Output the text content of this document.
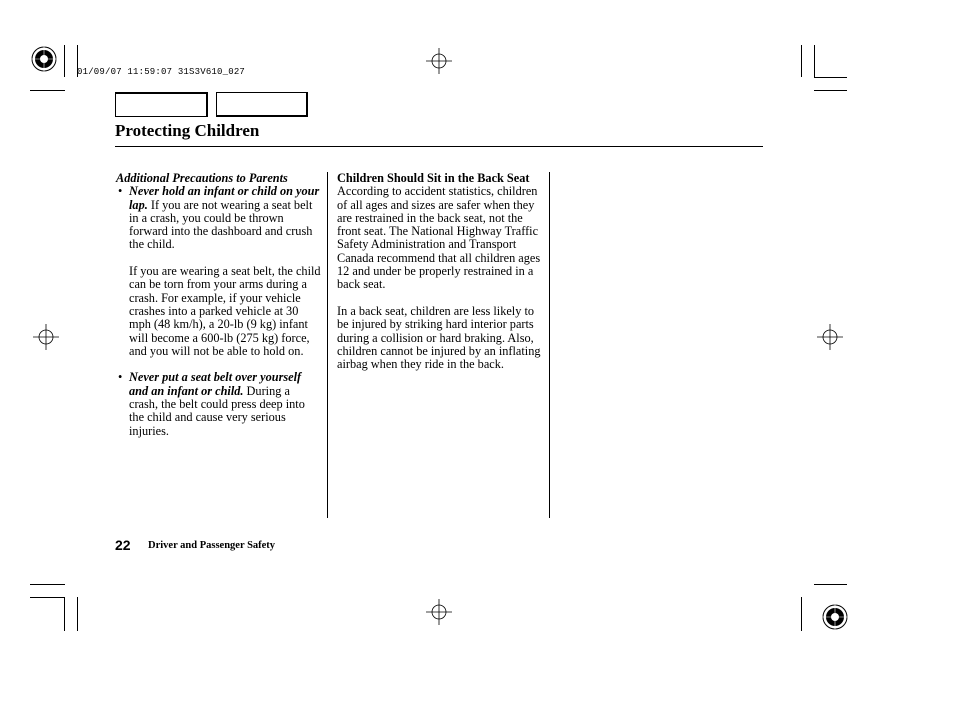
01/09/07 11:59:07 31S3V610_027
Protecting Children

Additional Precautions to Parents

• Never hold an infant or child on your lap. If you are not wearing a seat belt in a crash, you could be thrown forward into the dashboard and crush the child.

If you are wearing a seat belt, the child can be torn from your arms during a crash. For example, if your vehicle crashes into a parked vehicle at 30 mph (48 km/h), a 20-lb (9 kg) infant will become a 600-lb (275 kg) force, and you will not be able to hold on.

• Never put a seat belt over yourself and an infant or child. During a crash, the belt could press deep into the child and cause very serious injuries.

Children Should Sit in the Back Seat

According to accident statistics, children of all ages and sizes are safer when they are restrained in the back seat, not the front seat. The National Highway Traffic Safety Administration and Transport Canada recommend that all children ages 12 and under be properly restrained in a back seat.

In a back seat, children are less likely to be injured by striking hard interior parts during a collision or hard braking. Also, children cannot be injured by an inflating airbag when they ride in the back.

22 Driver and Passenger Safety
